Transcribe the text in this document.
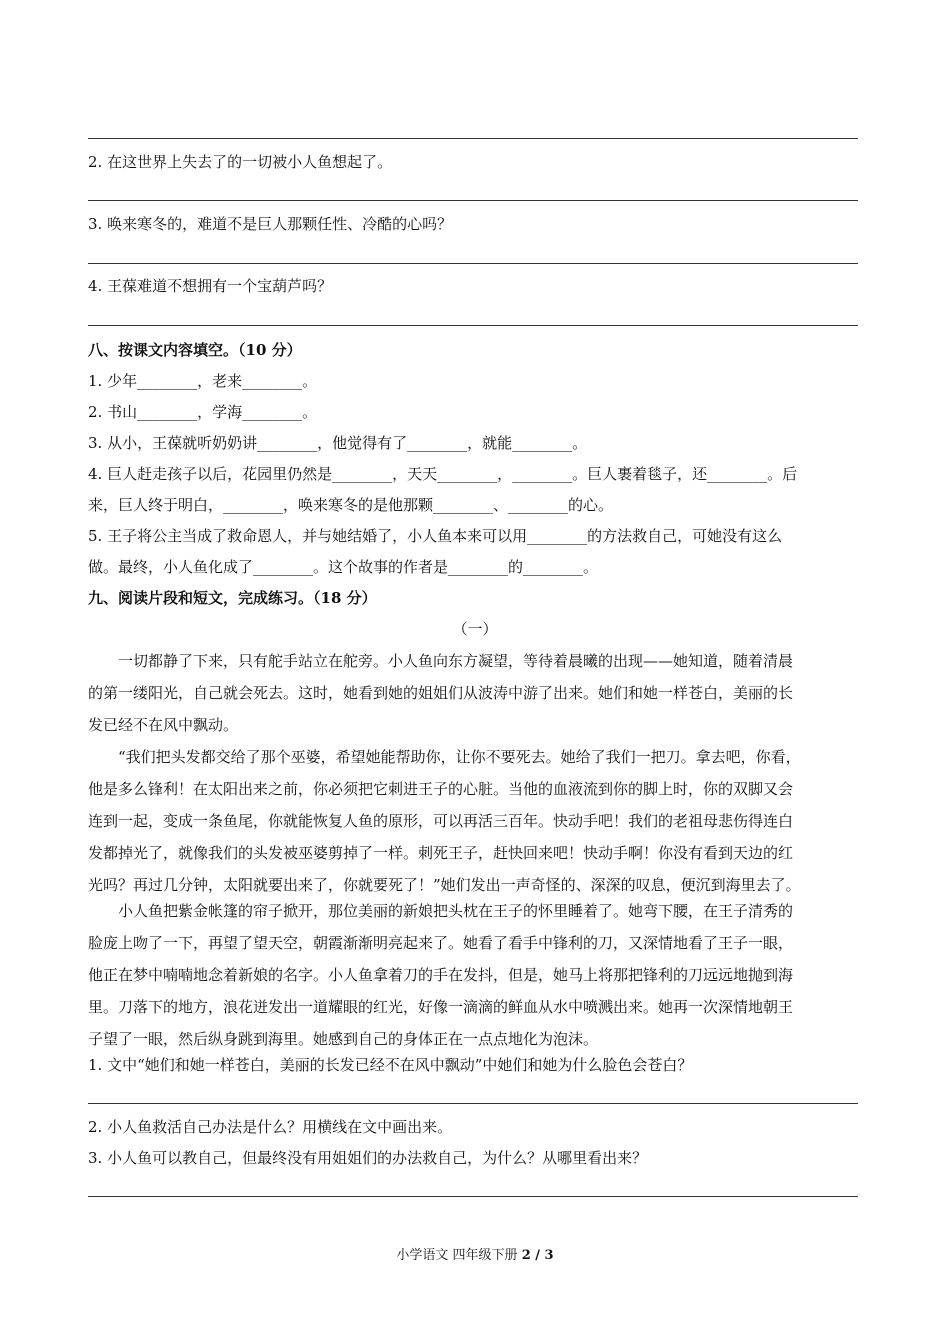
2. 在这世界上失去了的一切被小人鱼想起了。
3. 唤来寒冬的，难道不是巨人那颗任性、冷酷的心吗？
4. 王葆难道不想拥有一个宝葫芦吗？
八、按课文内容填空。（10 分）
1. 少年________，老来________。
2. 书山________，学海________。
3. 从小，王葆就听奶奶讲________，他觉得有了________，就能________。
4. 巨人赶走孩子以后，花园里仍然是________，天天________，________。巨人裹着毯子，还________。后
来，巨人终于明白，________，唤来寒冬的是他那颗________、________的心。
5. 王子将公主当成了救命恩人，并与她结婚了，小人鱼本来可以用________的方法救自己，可她没有这么
做。最终，小人鱼化成了________。这个故事的作者是________的________。
九、阅读片段和短文，完成练习。（18 分）
（一）
一切都静了下来，只有舵手站立在舵旁。小人鱼向东方凝望，等待着晨曦的出现——她知道，随着清晨
的第一缕阳光，自己就会死去。这时，她看到她的姐姐们从波涛中游了出来。她们和她一样苍白，美丽的长
发已经不在风中飘动。
“我们把头发都交给了那个巫婆，希望她能帮助你，让你不要死去。她给了我们一把刀。拿去吧，你看，
他是多么锋利！在太阳出来之前，你必须把它刺进王子的心脏。当他的血液流到你的脚上时，你的双脚又会
连到一起，变成一条鱼尾，你就能恢复人鱼的原形，可以再活三百年。快动手吧！我们的老祖母悲伤得连白
发都掉光了，就像我们的头发被巫婆剪掉了一样。刺死王子，赶快回来吧！快动手啊！你没有看到天边的红
光吗？再过几分钟，太阳就要出来了，你就要死了！”她们发出一声奇怪的、深深的叹息，便沉到海里去了。
小人鱼把紫金帐篷的帘子掀开，那位美丽的新娘把头枕在王子的怀里睡着了。她弯下腰，在王子清秀的
脸庞上吻了一下，再望了望天空，朝霞渐渐明亮起来了。她看了看手中锋利的刀，又深情地看了王子一眼，
他正在梦中喃喃地念着新娘的名字。小人鱼拿着刀的手在发抖，但是，她马上将那把锋利的刀远远地抛到海
里。刀落下的地方，浪花迸发出一道耀眼的红光，好像一滴滴的鲜血从水中喷溅出来。她再一次深情地朝王
子望了一眼，然后纵身跳到海里。她感到自己的身体正在一点点地化为泡沫。
1. 文中“她们和她一样苍白，美丽的长发已经不在风中飘动”中她们和她为什么脸色会苍白？
2. 小人鱼救活自己办法是什么？用横线在文中画出来。
3. 小人鱼可以教自己，但最终没有用姐姐们的办法救自己，为什么？从哪里看出来？
小学语文 四年级下册 2 / 3
